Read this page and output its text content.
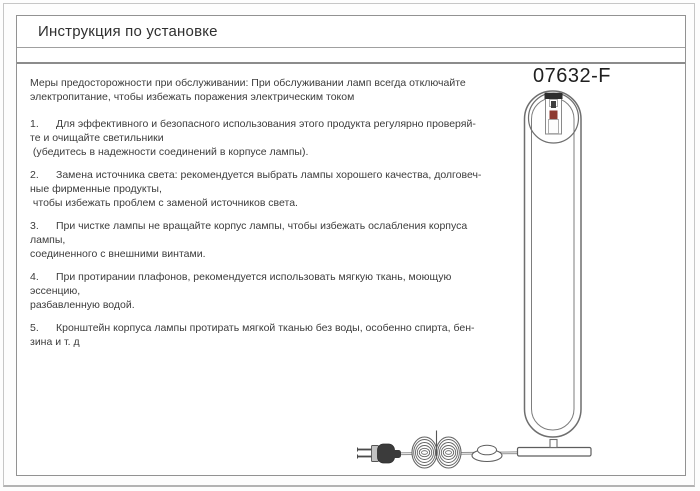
Инструкция по установке
07632-F
Меры предосторожности при обслуживании: При обслуживании ламп всегда отключайте
электропитание, чтобы избежать поражения электрическим током
1. Для эффективного и безопасного использования этого продукта регулярно проверяй-
те и очищайте светильники
(убедитесь в надежности соединений в корпусе лампы).
2. Замена источника света: рекомендуется выбрать лампы хорошего качества, долговеч-
ные фирменные продукты,
чтобы избежать проблем с заменой источников света.
3. При чистке лампы не вращайте корпус лампы, чтобы избежать ослабления корпуса
лампы,
соединенного с внешними винтами.
4. При протирании плафонов, рекомендуется использовать мягкую ткань, моющую
эссенцию,
разбавленную водой.
5. Кронштейн корпуса лампы протирать мягкой тканью без воды, особенно спирта, бен-
зина и т. д
